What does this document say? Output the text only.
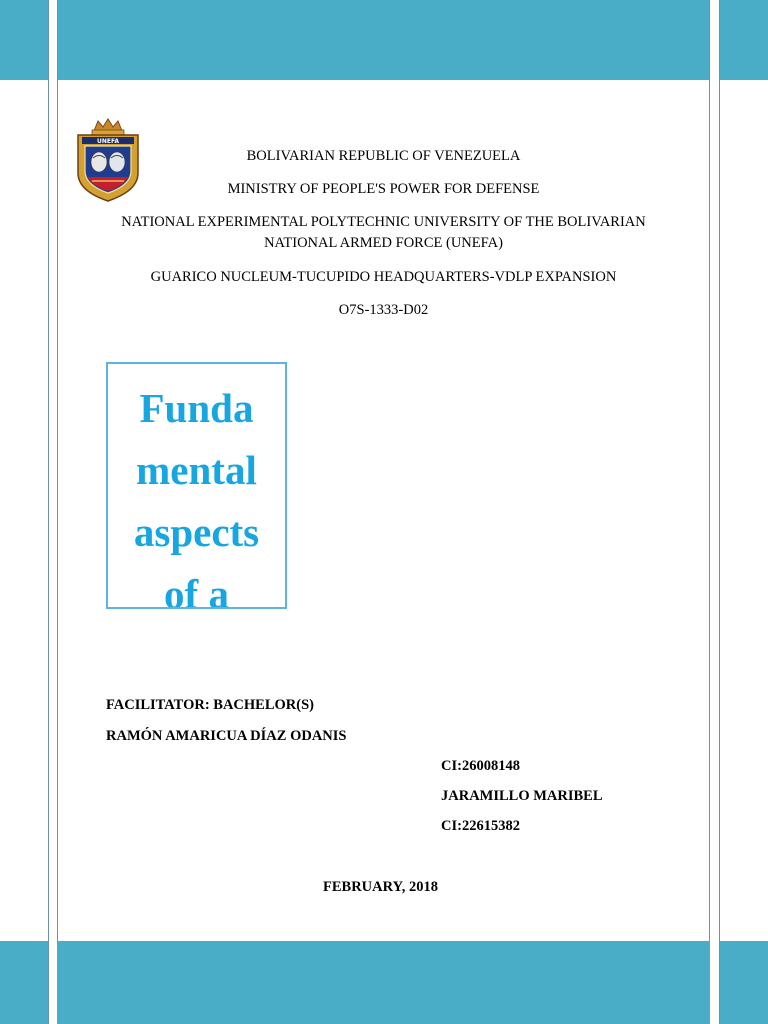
UNEFA
BOLIVARIAN REPUBLIC OF VENEZUELA
MINISTRY OF PEOPLE'S POWER FOR DEFENSE
NATIONAL EXPERIMENTAL POLYTECHNIC UNIVERSITY OF THE BOLIVARIAN
NATIONAL ARMED FORCE (UNEFA)
GUARICO NUCLEUM-TUCUPIDO HEADQUARTERS-VDLP EXPANSION
O7S-1333-D02
Funda
mental
aspects
of a
FACILITATOR: BACHELOR(S)
RAMÓN AMARICUA DÍAZ ODANIS
CI:26008148
JARAMILLO MARIBEL
CI:22615382
FEBRUARY, 2018
